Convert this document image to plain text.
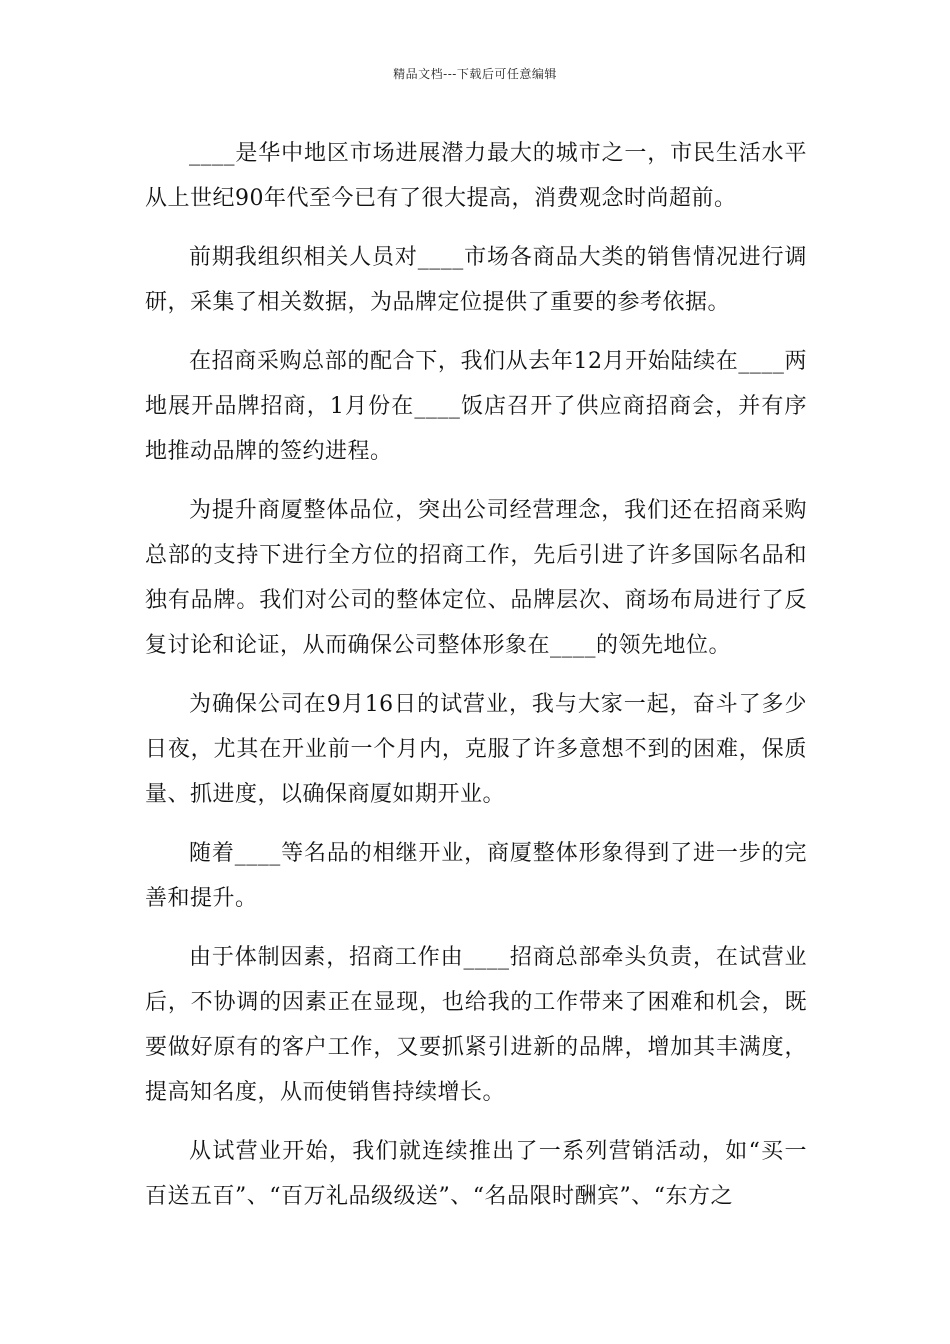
精品文档---下载后可任意编辑

____是华中地区市场进展潜力最大的城市之一，市民生活水平从上世纪90年代至今已有了很大提高，消费观念时尚超前。

前期我组织相关人员对____市场各商品大类的销售情况进行调研，采集了相关数据，为品牌定位提供了重要的参考依据。

在招商采购总部的配合下，我们从去年12月开始陆续在____两地展开品牌招商，1月份在____饭店召开了供应商招商会，并有序地推动品牌的签约进程。

为提升商厦整体品位，突出公司经营理念，我们还在招商采购总部的支持下进行全方位的招商工作，先后引进了许多国际名品和独有品牌。我们对公司的整体定位、品牌层次、商场布局进行了反复讨论和论证，从而确保公司整体形象在____的领先地位。

为确保公司在9月16日的试营业，我与大家一起，奋斗了多少日夜，尤其在开业前一个月内，克服了许多意想不到的困难，保质量、抓进度，以确保商厦如期开业。

随着____等名品的相继开业，商厦整体形象得到了进一步的完善和提升。

由于体制因素，招商工作由____招商总部牵头负责，在试营业后，不协调的因素正在显现，也给我的工作带来了困难和机会，既要做好原有的客户工作，又要抓紧引进新的品牌，增加其丰满度，提高知名度，从而使销售持续增长。

从试营业开始，我们就连续推出了一系列营销活动，如“买一百送五百”、“百万礼品级级送”、“名品限时酬宾”、“东方之
